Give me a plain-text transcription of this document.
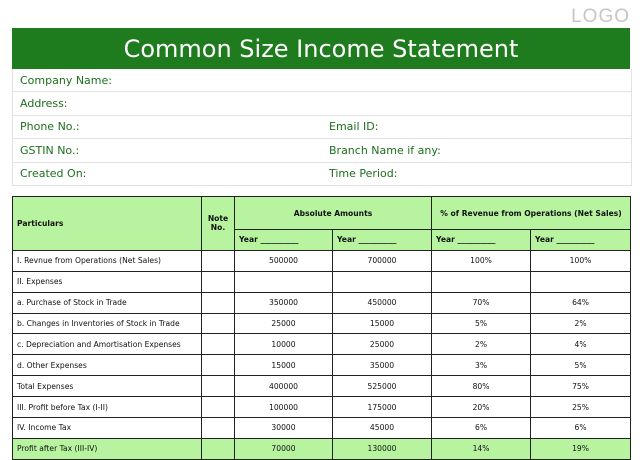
LOGO
Common Size Income Statement
Company Name:
Address:
Phone No.:	Email ID:
GSTIN No.:	Branch Name if any:
Created On:	Time Period:
Particulars	Note No.	Absolute Amounts		% of Revenue from Operations (Net Sales)	
		Year __________	Year __________	Year __________	Year __________
I. Revnue from Operations (Net Sales)		500000	700000	100%	100%
II. Expenses					
a. Purchase of Stock in Trade		350000	450000	70%	64%
b. Changes in Inventories of Stock in Trade		25000	15000	5%	2%
c. Depreciation and Amortisation Expenses		10000	25000	2%	4%
d. Other Expenses		15000	35000	3%	5%
Total Expenses		400000	525000	80%	75%
III. Profit before Tax (I-II)		100000	175000	20%	25%
IV. Income Tax		30000	45000	6%	6%
Profit after Tax (III-IV)		70000	130000	14%	19%
